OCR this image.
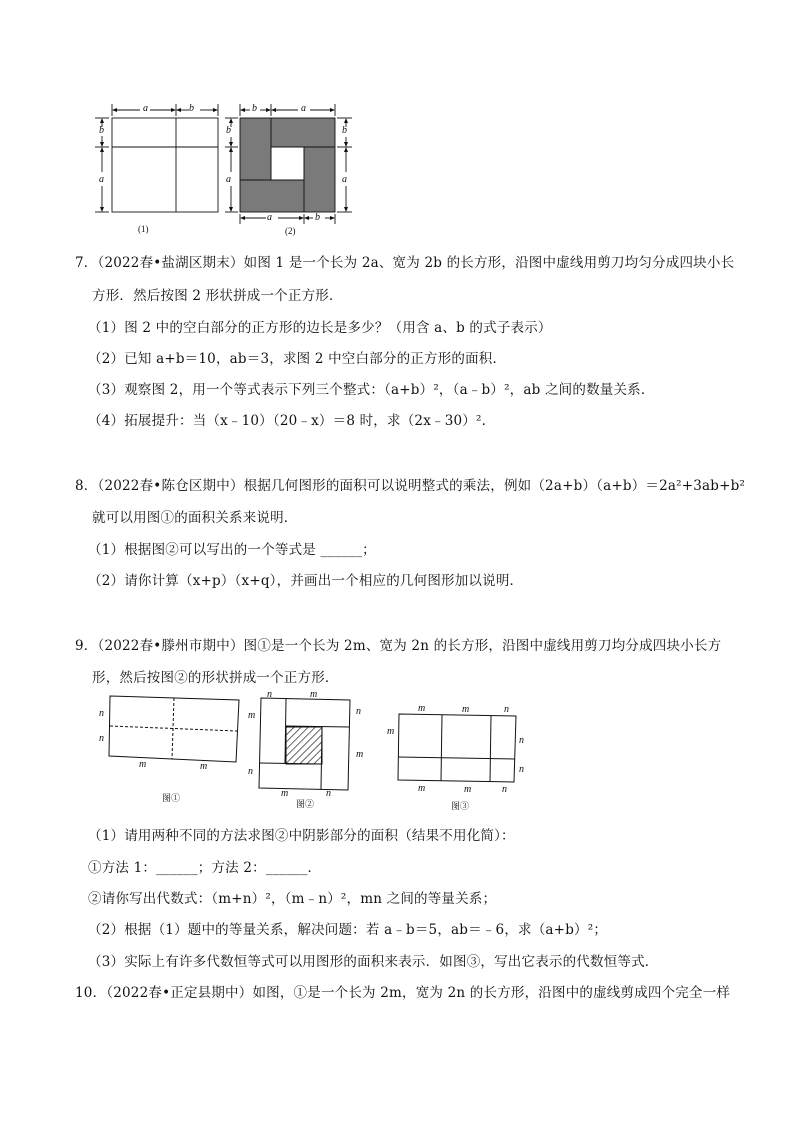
a	b
b
a
(1)
b	a
b
a
b
a
a	b
(2)
7．（2022春•盐湖区期末）如图 1 是一个长为 2a、宽为 2b 的长方形，沿图中虚线用剪刀均匀分成四块小长
方形．然后按图 2 形状拼成一个正方形．
（1）图 2 中的空白部分的正方形的边长是多少？（用含 a、b 的式子表示）
（2）已知 a+b＝10，ab＝3，求图 2 中空白部分的正方形的面积．
（3）观察图 2，用一个等式表示下列三个整式：（a+b）²，（a﹣b）²，ab 之间的数量关系．
（4）拓展提升：当（x﹣10）（20﹣x）＝8 时，求（2x﹣30）²．
8．（2022春•陈仓区期中）根据几何图形的面积可以说明整式的乘法，例如（2a+b）（a+b）＝2a²+3ab+b²
就可以用图①的面积关系来说明．
（1）根据图②可以写出的一个等式是 ______；
（2）请你计算（x+p）（x+q），并画出一个相应的几何图形加以说明．
9．（2022春•滕州市期中）图①是一个长为 2m、宽为 2n 的长方形，沿图中虚线用剪刀均分成四块小长方
形，然后按图②的形状拼成一个正方形．
n
n
m	m
图①
n	m
m
n
n
m
m	n
图②
m	m	n
m
n
n
m	m	n
图③
（1）请用两种不同的方法求图②中阴影部分的面积（结果不用化简）：
①方法 1：______；方法 2：______．
②请你写出代数式：（m+n）²，（m﹣n）²，mn 之间的等量关系；
（2）根据（1）题中的等量关系，解决问题：若 a﹣b＝5，ab＝﹣6，求（a+b）²；
（3）实际上有许多代数恒等式可以用图形的面积来表示．如图③，写出它表示的代数恒等式．
10．（2022春•正定县期中）如图，①是一个长为 2m，宽为 2n 的长方形，沿图中的虚线剪成四个完全一样
